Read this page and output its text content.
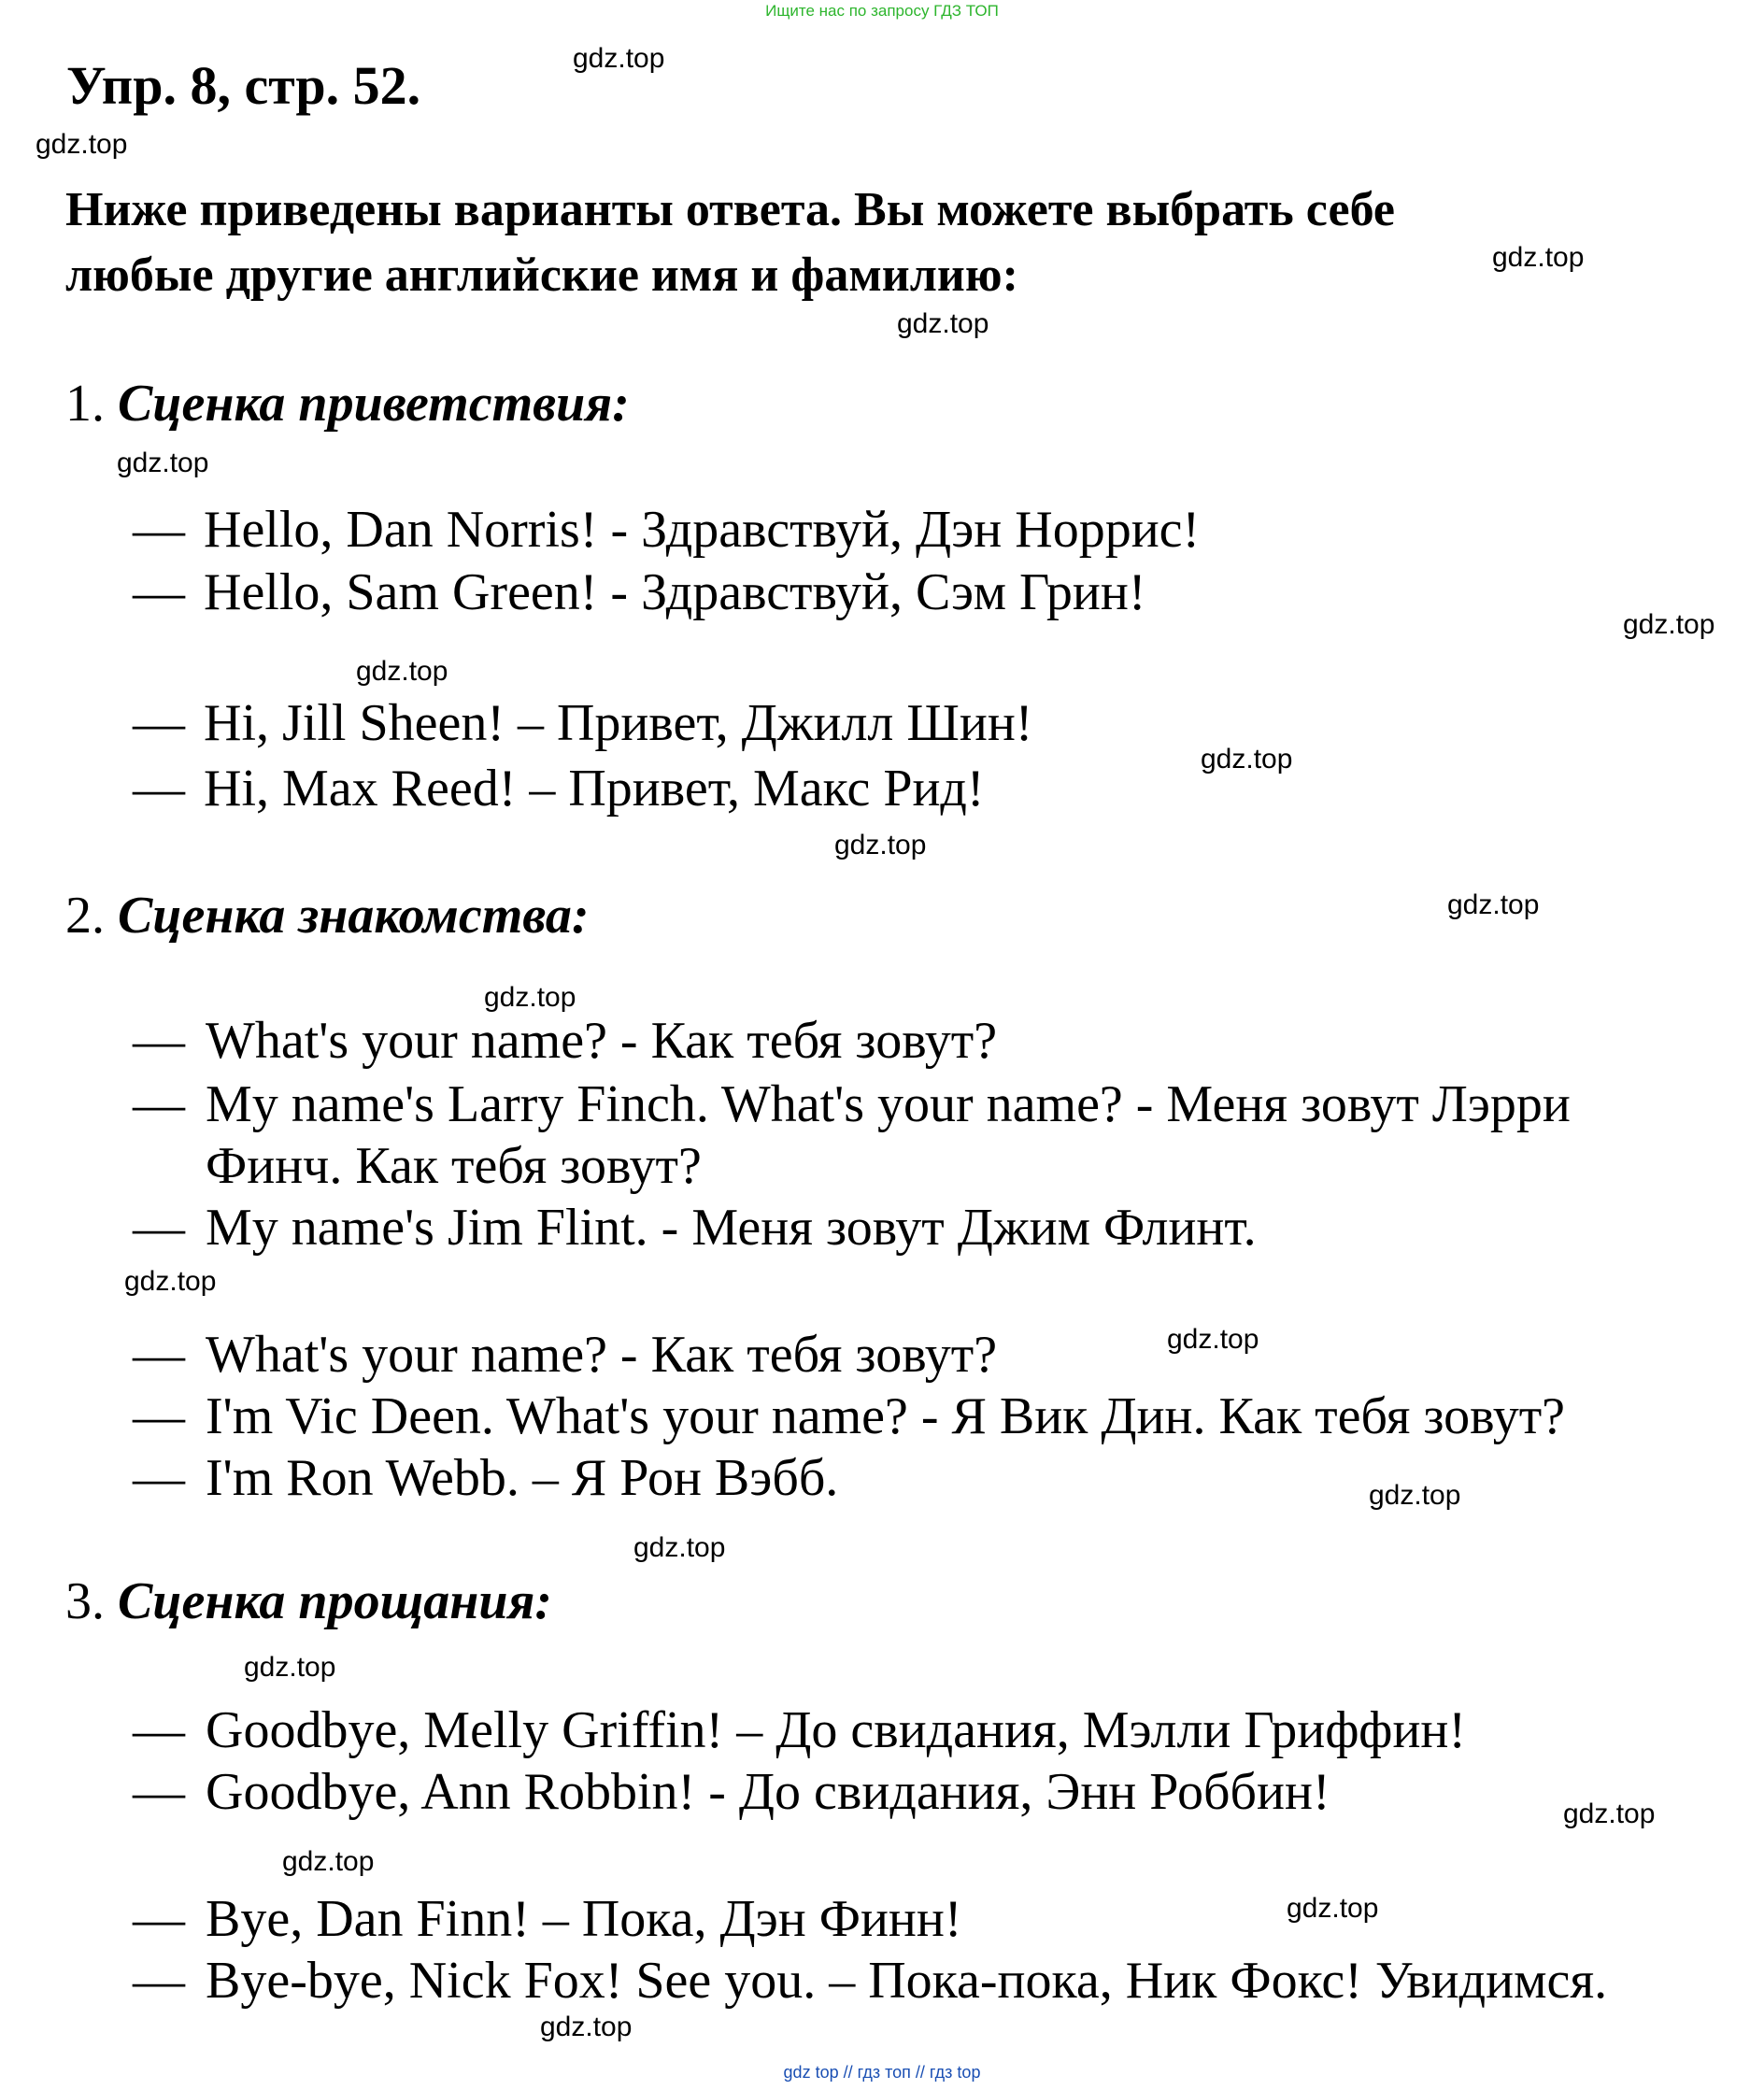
Ищите нас по запросу ГДЗ ТОП
Упр. 8, стр. 52.
Ниже приведены варианты ответа. Вы можете выбрать себе
любые другие английские имя и фамилию:
1. Сценка приветствия:
— Hello, Dan Norris! - Здравствуй, Дэн Норрис!
— Hello, Sam Green! - Здравствуй, Сэм Грин!
— Hi, Jill Sheen! – Привет, Джилл Шин!
— Hi, Max Reed! – Привет, Макс Рид!
2. Сценка знакомства:
— What's your name? - Как тебя зовут?
— My name's Larry Finch. What's your name? - Меня зовут Лэрри
Финч. Как тебя зовут?
— My name's Jim Flint. - Меня зовут Джим Флинт.
— What's your name? - Как тебя зовут?
— I'm Vic Deen. What's your name? - Я Вик Дин. Как тебя зовут?
— I'm Ron Webb. – Я Рон Вэбб.
3. Сценка прощания:
— Goodbye, Melly Griffin! – До свидания, Мэлли Гриффин!
— Goodbye, Ann Robbin! - До свидания, Энн Роббин!
— Bye, Dan Finn! – Пока, Дэн Финн!
— Bye-bye, Nick Fox! See you. – Пока-пока, Ник Фокс! Увидимся.
gdz.top
gdz.top
gdz.top
gdz.top
gdz.top
gdz.top
gdz.top
gdz.top
gdz.top
gdz.top
gdz.top
gdz.top
gdz.top
gdz.top
gdz.top
gdz.top
gdz.top
gdz.top
gdz.top
gdz.top
gdz top // гдз топ // гдз top
